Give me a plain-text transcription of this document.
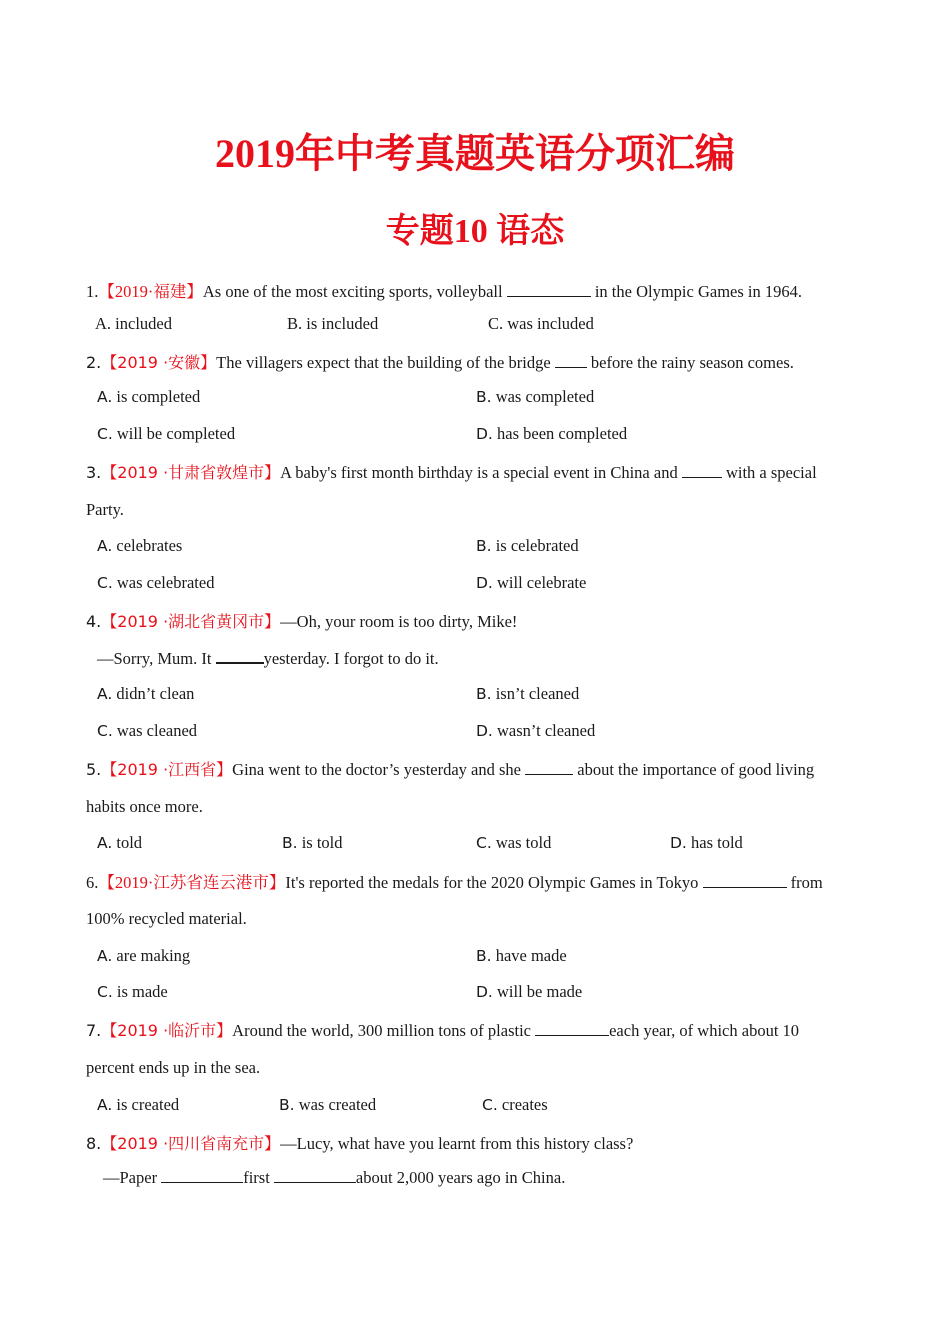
2019年中考真题英语分项汇编
专题10 语态
1.【2019·福建】As one of the most exciting sports, volleyball	in the Olympic Games in 1964.
A. included	B. is included	C. was included
2.【2019 ·安徽】The villagers expect that the building of the bridge before the rainy season comes.
A. is completed	B. was completed
C. will be completed	D. has been completed
3.【2019 ·甘肃省敦煌市】A baby's first month birthday is a special event in China and	with a special
Party.
A. celebrates	B. is celebrated
C. was celebrated	D. will celebrate
4.【2019 ·湖北省黄冈市】—Oh, your room is too dirty, Mike!
—Sorry, Mum. It	yesterday. I forgot to do it.
A. didn’t clean	B. isn’t cleaned
C. was cleaned	D. wasn’t cleaned
5.【2019 ·江西省】Gina went to the doctor’s yesterday and she	about the importance of good living
habits once more.
A. told	B. is told	C. was told	D. has told
6.【2019·江苏省连云港市】It's reported the medals for the 2020 Olympic Games in Tokyo	from
100% recycled material.
A. are making	B. have made
C. is made	D. will be made
7.【2019 ·临沂市】Around the world, 300 million tons of plastic	each year, of which about 10
percent ends up in the sea.
A. is created	B. was created	C. creates
8.【2019 ·四川省南充市】—Lucy, what have you learnt from this history class?
—Paper	first	about 2,000 years ago in China.
